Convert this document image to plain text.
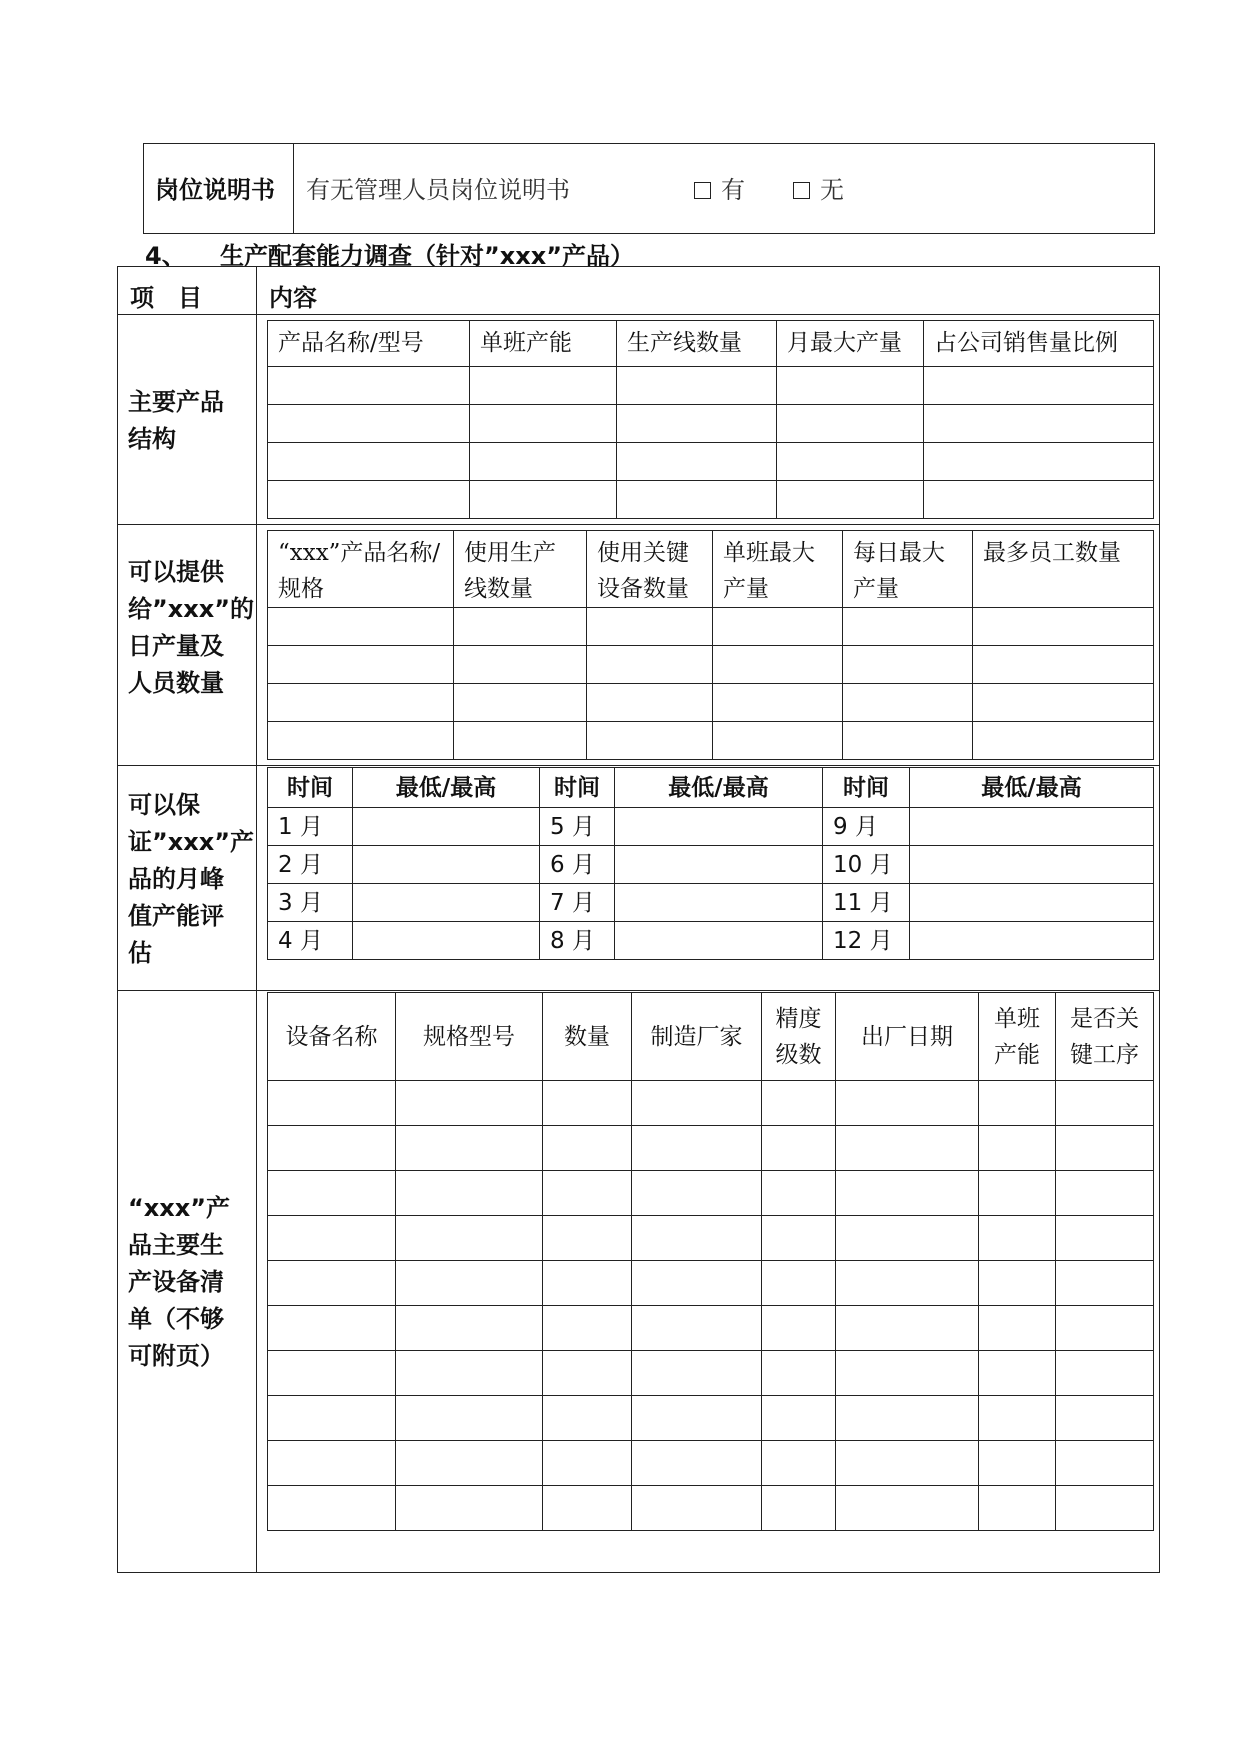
岗位说明书 有无管理人员岗位说明书	有	无
4、 生产配套能力调查（针对”xxx”产品）
项　目	内容
主要产品结构
产品名称/型号	单班产能	生产线数量	月最大产量	占公司销售量比例

可以提供给”xxx”的日产量及人员数量
“xxx”产品名称/规格	使用生产线数量	使用关键设备数量	单班最大产量	每日最大产量	最多员工数量

可以保证”xxx”产品的月峰值产能评估
时间	最低/最高	时间	最低/最高	时间	最低/最高
1 月		5 月		9 月	
2 月		6 月		10 月	
3 月		7 月		11 月	
4 月		8 月		12 月	
“xxx”产品主要生产设备清单（不够可附页）
设备名称	规格型号	数量	制造厂家	精度级数	出厂日期	单班产能	是否关键工序
